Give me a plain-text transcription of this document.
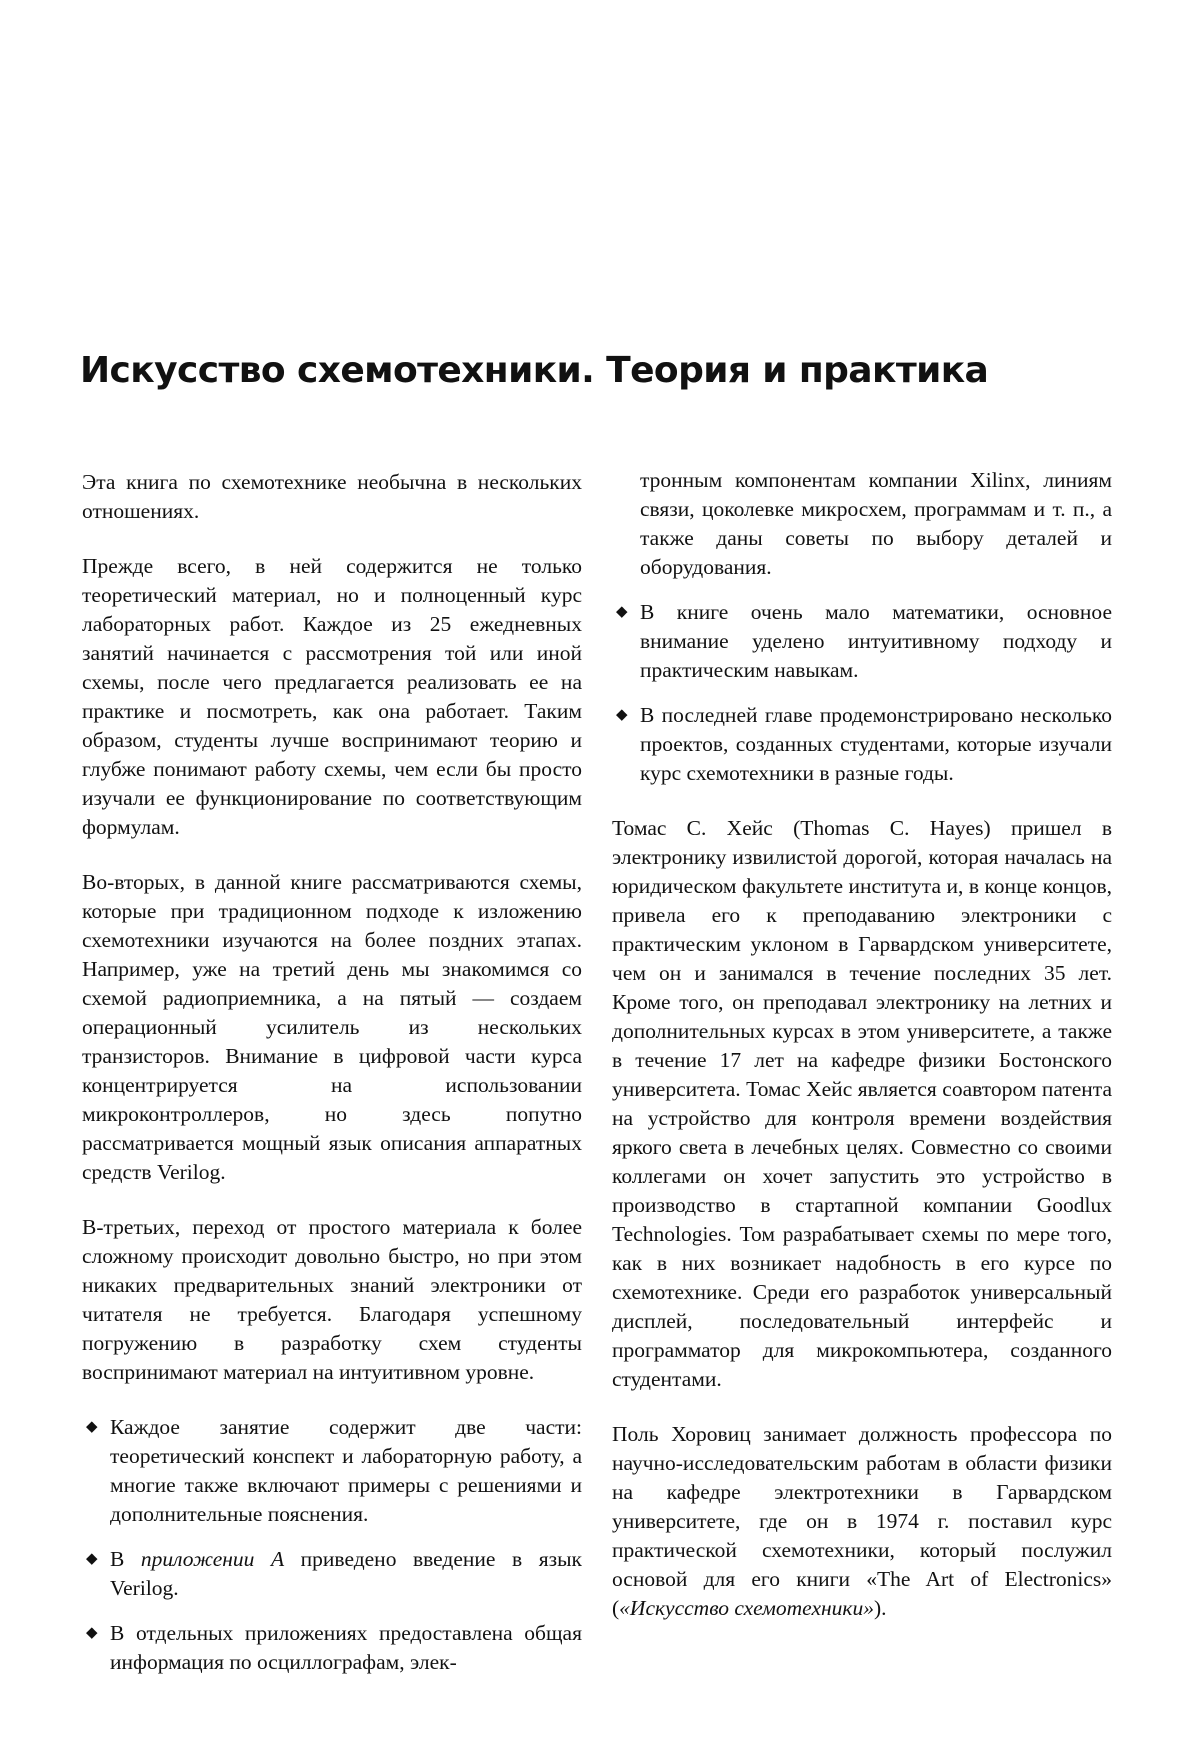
Искусство схемотехники. Теория и практика

Эта книга по схемотехнике необычна в нескольких отношениях.

Прежде всего, в ней содержится не только теоретический материал, но и полноценный курс лабораторных работ. Каждое из 25 ежедневных занятий начинается с рассмотрения той или иной схемы, после чего предлагается реализовать ее на практике и посмотреть, как она работает. Таким образом, студенты лучше воспринимают теорию и глубже понимают работу схемы, чем если бы просто изучали ее функционирование по соответствующим формулам.

Во-вторых, в данной книге рассматриваются схемы, которые при традиционном подходе к изложению схемотехники изучаются на более поздних этапах. Например, уже на третий день мы знакомимся со схемой радиоприемника, а на пятый — создаем операционный усилитель из нескольких транзисторов. Внимание в цифровой части курса концентрируется на использовании микроконтроллеров, но здесь попутно рассматривается мощный язык описания аппаратных средств Verilog.

В-третьих, переход от простого материала к более сложному происходит довольно быстро, но при этом никаких предварительных знаний электроники от читателя не требуется. Благодаря успешному погружению в разработку схем студенты воспринимают материал на интуитивном уровне.

◆ Каждое занятие содержит две части: теоретический конспект и лабораторную работу, а многие также включают примеры с решениями и дополнительные пояснения.
◆ В приложении А приведено введение в язык Verilog.
◆ В отдельных приложениях предоставлена общая информация по осциллографам, элек-
тронным компонентам компании Xilinx, линиям связи, цоколевке микросхем, программам и т. п., а также даны советы по выбору деталей и оборудования.
◆ В книге очень мало математики, основное внимание уделено интуитивному подходу и практическим навыкам.
◆ В последней главе продемонстрировано несколько проектов, созданных студентами, которые изучали курс схемотехники в разные годы.

Томас С. Хейс (Thomas C. Hayes) пришел в электронику извилистой дорогой, которая началась на юридическом факультете института и, в конце концов, привела его к преподаванию электроники с практическим уклоном в Гарвардском университете, чем он и занимался в течение последних 35 лет. Кроме того, он преподавал электронику на летних и дополнительных курсах в этом университете, а также в течение 17 лет на кафедре физики Бостонского университета. Томас Хейс является соавтором патента на устройство для контроля времени воздействия яркого света в лечебных целях. Совместно со своими коллегами он хочет запустить это устройство в производство в стартапной компании Goodlux Technologies. Том разрабатывает схемы по мере того, как в них возникает надобность в его курсе по схемотехнике. Среди его разработок универсальный дисплей, последовательный интерфейс и программатор для микрокомпьютера, созданного студентами.

Поль Хоровиц занимает должность профессора по научно-исследовательским работам в области физики на кафедре электротехники в Гарвардском университете, где он в 1974 г. поставил курс практической схемотехники, который послужил основой для его книги «The Art of Electronics» («Искусство схемотехники»).
